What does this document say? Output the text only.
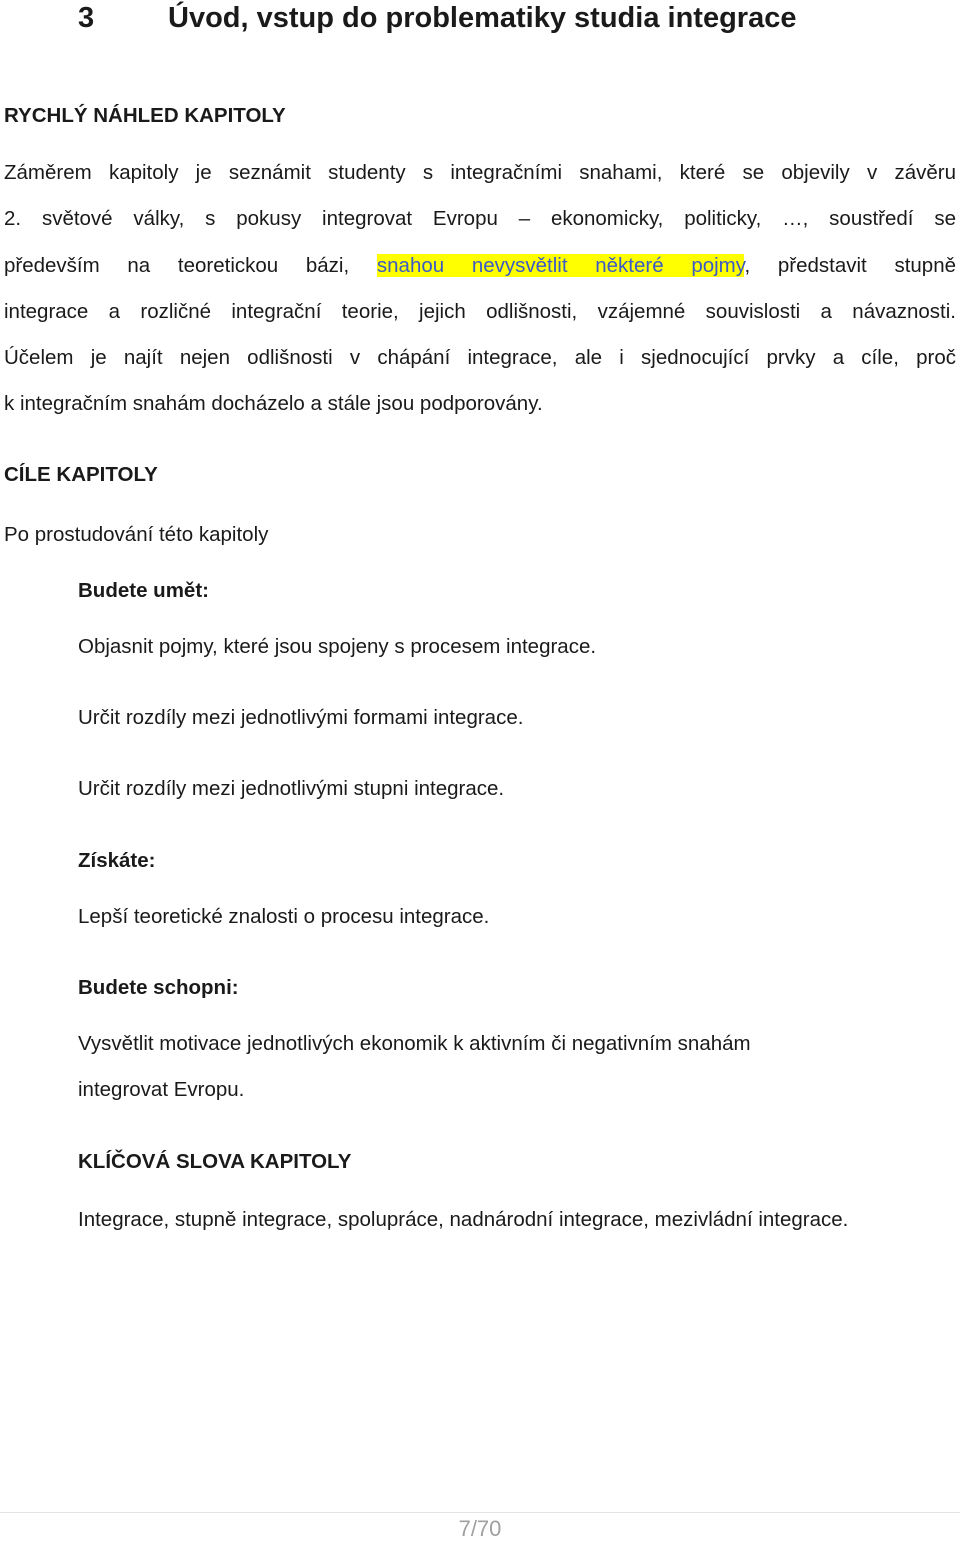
3	Úvod, vstup do problematiky studia integrace
RYCHLÝ NÁHLED KAPITOLY
Záměrem kapitoly je seznámit studenty s integračními snahami, které se objevily v závěru
2. světové války, s pokusy integrovat Evropu – ekonomicky, politicky, …, soustředí se
především na teoretickou bázi, snahou nevysvětlit některé pojmy, představit stupně
integrace a rozličné integrační teorie, jejich odlišnosti, vzájemné souvislosti a návaznosti.
Účelem je najít nejen odlišnosti v chápání integrace, ale i sjednocující prvky a cíle, proč
k integračním snahám docházelo a stále jsou podporovány.
CÍLE KAPITOLY
Po prostudování této kapitoly
Budete umět:
Objasnit pojmy, které jsou spojeny s procesem integrace.
Určit rozdíly mezi jednotlivými formami integrace.
Určit rozdíly mezi jednotlivými stupni integrace.
Získáte:
Lepší teoretické znalosti o procesu integrace.
Budete schopni:
Vysvětlit motivace jednotlivých ekonomik k aktivním či negativním snahám
integrovat Evropu.
KLÍČOVÁ SLOVA KAPITOLY
Integrace, stupně integrace, spolupráce, nadnárodní integrace, mezivládní integrace.
7/70
